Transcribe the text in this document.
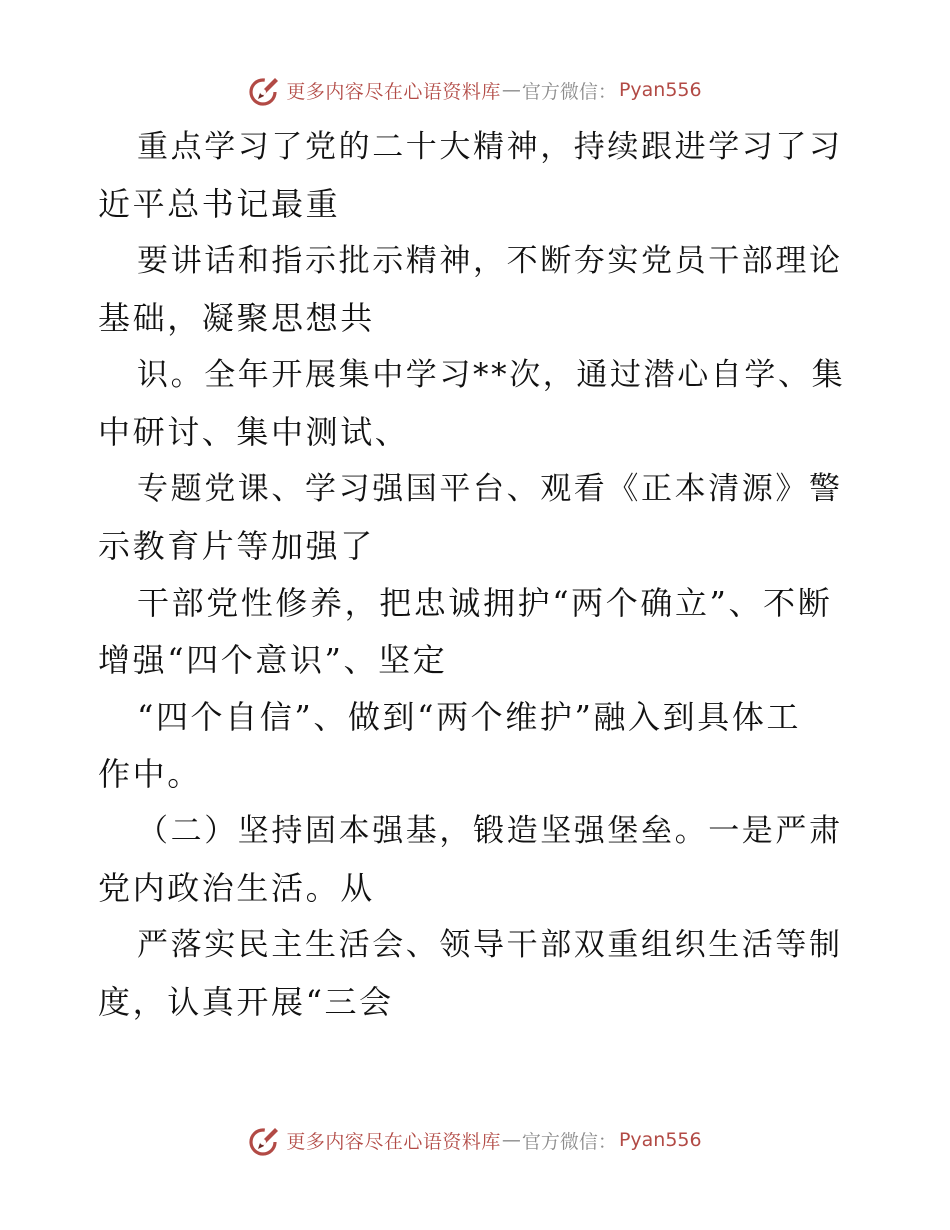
更多内容尽在心语资料库 — 官方微信： Pyan556
重点学习了党的二十大精神，持续跟进学习了习
近平总书记最重
要讲话和指示批示精神，不断夯实党员干部理论
基础，凝聚思想共
识。全年开展集中学习**次，通过潜心自学、集
中研讨、集中测试、
专题党课、学习强国平台、观看《正本清源》警
示教育片等加强了
干部党性修养，把忠诚拥护“两个确立”、不断
增强“四个意识”、坚定
“四个自信”、做到“两个维护”融入到具体工
作中。
（二）坚持固本强基，锻造坚强堡垒。一是严肃
党内政治生活。从
严落实民主生活会、领导干部双重组织生活等制
度，认真开展“三会
更多内容尽在心语资料库 — 官方微信： Pyan556
